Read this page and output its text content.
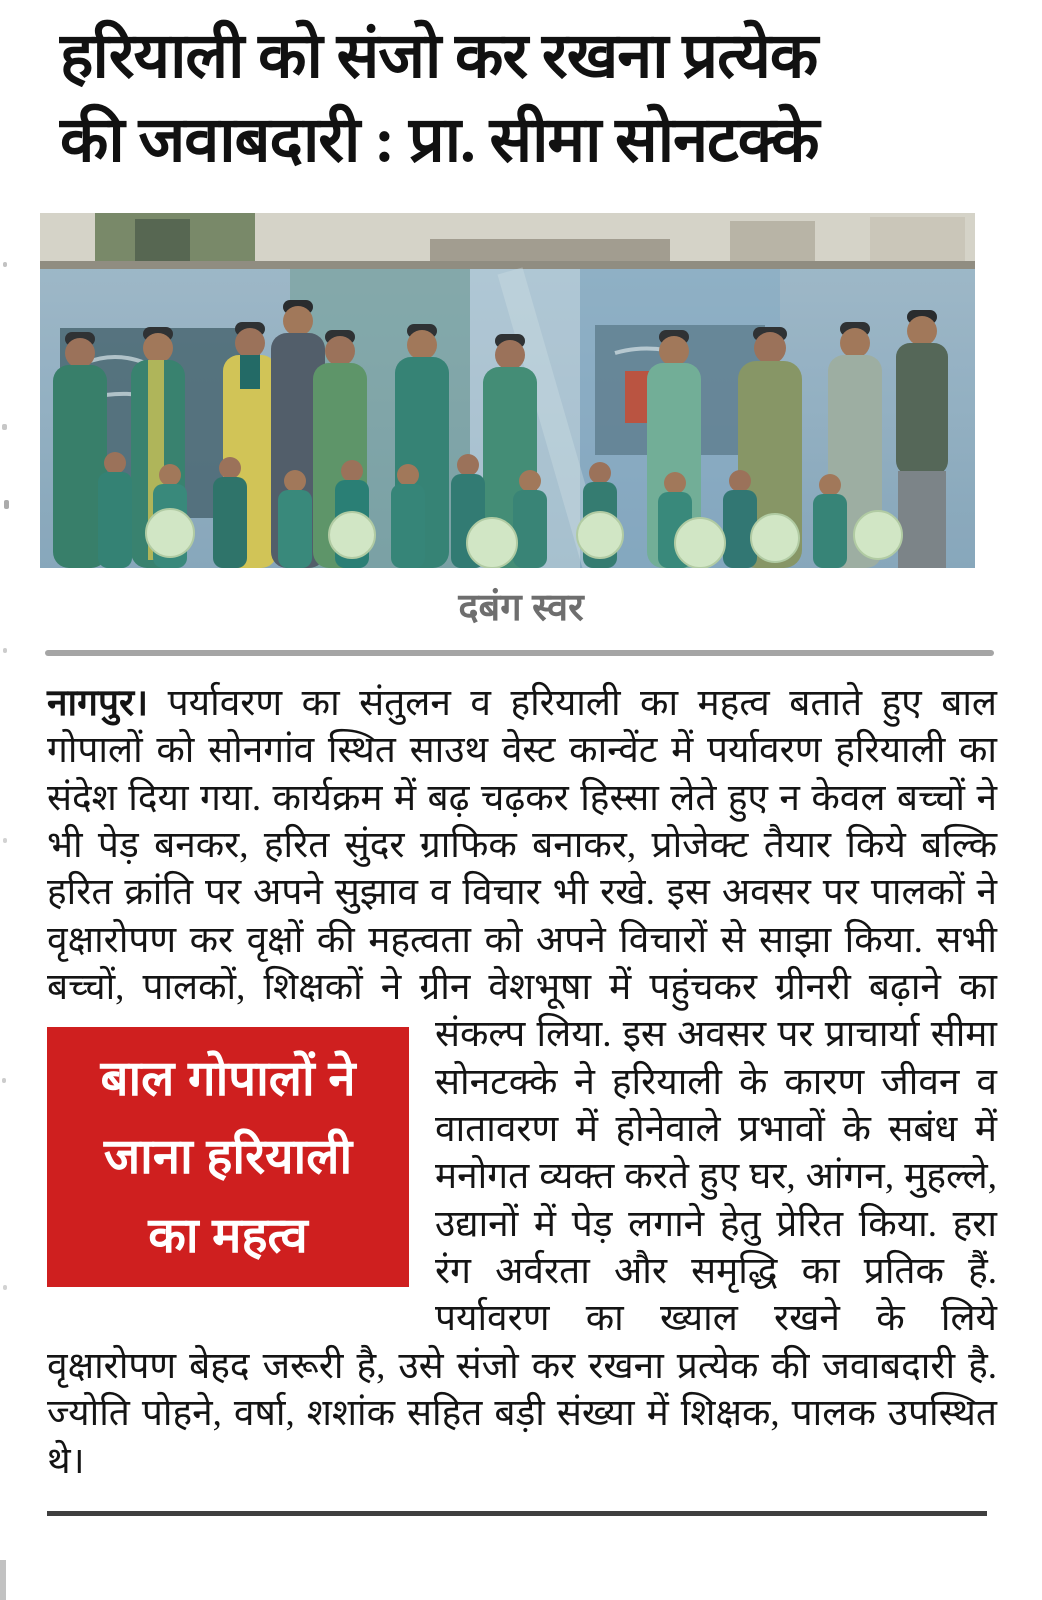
हरियाली को संजो कर रखना प्रत्येक
की जवाबदारी : प्रा. सीमा सोनटक्के
दबंग स्वर

नागपुर। पर्यावरण का संतुलन व हरियाली का महत्व बताते हुए बाल गोपालों को सोनगांव स्थित साउथ वेस्ट कान्वेंट में पर्यावरण हरियाली का संदेश दिया गया. कार्यक्रम में बढ़ चढ़कर हिस्सा लेते हुए न केवल बच्चों ने भी पेड़ बनकर, हरित सुंदर ग्राफिक बनाकर, प्रोजेक्ट तैयार किये बल्कि हरित क्रांति पर अपने सुझाव व विचार भी रखे. इस अवसर पर पालकों ने वृक्षारोपण कर वृक्षों की महत्वता को अपने विचारों से साझा किया. सभी बच्चों, पालकों, शिक्षकों ने ग्रीन वेशभूषा में पहुंचकर ग्रीनरी बढ़ाने का संकल्प लिया. इस अवसर पर प्राचार्या
बाल गोपालों ने
जाना हरियाली
का महत्व
सीमा सोनटक्के ने हरियाली के कारण जीवन व वातावरण में होनेवाले प्रभावों के सबंध में मनोगत व्यक्त करते हुए घर, आंगन, मुहल्ले, उद्यानों में पेड़ लगाने हेतु प्रेरित किया. हरा रंग अर्वरता और समृद्धि का प्रतिक हैं. पर्यावरण का ख्याल रखने के लिये वृक्षारोपण बेहद जरूरी है, उसे संजो कर रखना प्रत्येक की जवाबदारी है. ज्योति पोहने, वर्षा, शशांक सहित बड़ी संख्या में शिक्षक, पालक उपस्थित थे।
